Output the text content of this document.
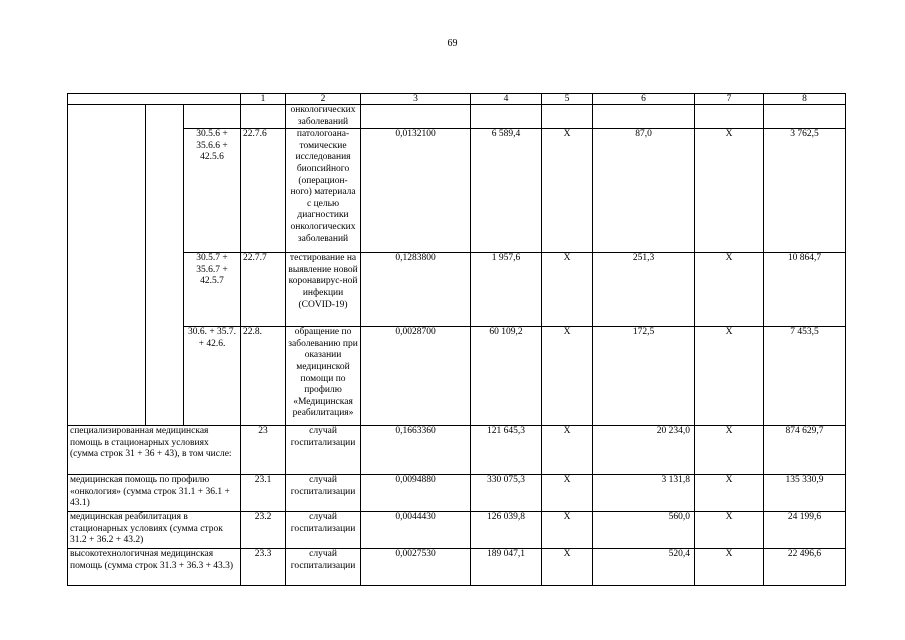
69
			1	2	3	4	5	6	7	8	
				онкологических заболеваний							
		30.5.6 + 35.6.6 + 42.5.6	22.7.6	патологоана-томические исследования биопсийного (операцион-ного) материала с целью диагностики онкологических заболеваний	0,0132100	6 589,4	Х	87,0	Х	3 762,5	
		30.5.7 + 35.6.7 + 42.5.7	22.7.7	тестирование на выявление новой коронавирус-ной инфекции (COVID-19)	0,1283800	1 957,6	Х	251,3	Х	10 864,7	
		30.6. + 35.7. + 42.6.	22.8.	обращение по заболеванию при оказании медицинской помощи по профилю «Медицинская реабилитация»	0,0028700	60 109,2	Х	172,5	Х	7 453,5	
специализированная медицинская помощь в стационарных условиях (сумма строк 31 + 36 + 43), в том числе:			23	случай госпитализации	0,1663360	121 645,3	Х	20 234,0	Х	874 629,7	
медицинская помощь по профилю «онкология» (сумма строк 31.1 + 36.1 + 43.1)			23.1	случай госпитализации	0,0094880	330 075,3	Х	3 131,8	Х	135 330,9	
медицинская реабилитация в стационарных условиях (сумма строк 31.2 + 36.2 + 43.2)			23.2	случай госпитализации	0,0044430	126 039,8	Х	560,0	Х	24 199,6	
высокотехнологичная медицинская помощь (сумма строк 31.3 + 36.3 + 43.3)			23.3	случай госпитализации	0,0027530	189 047,1	Х	520,4	Х	22 496,6	
